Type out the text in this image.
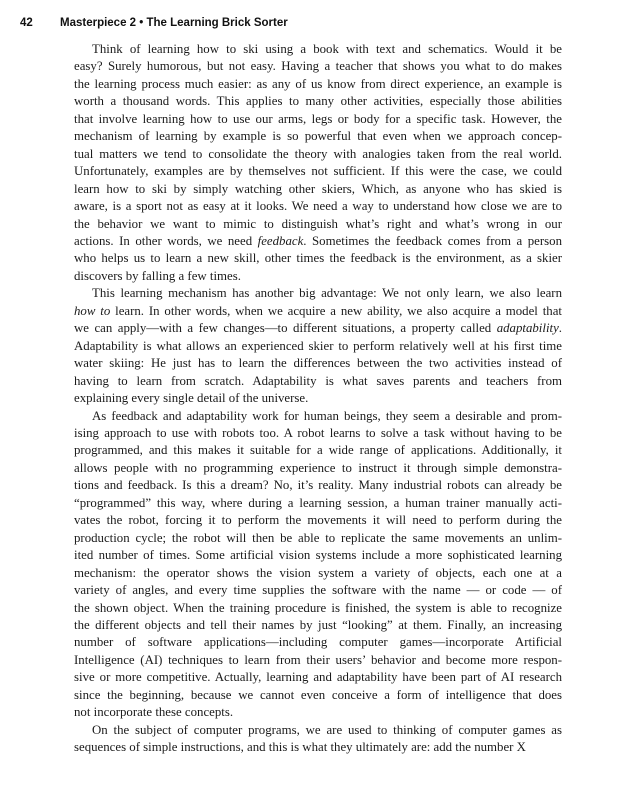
42 Masterpiece 2 • The Learning Brick Sorter
Think of learning how to ski using a book with text and schematics. Would it be
easy? Surely humorous, but not easy. Having a teacher that shows you what to do makes
the learning process much easier: as any of us know from direct experience, an example is
worth a thousand words. This applies to many other activities, especially those abilities
that involve learning how to use our arms, legs or body for a specific task. However, the
mechanism of learning by example is so powerful that even when we approach concep-
tual matters we tend to consolidate the theory with analogies taken from the real world.
Unfortunately, examples are by themselves not sufficient. If this were the case, we could
learn how to ski by simply watching other skiers, Which, as anyone who has skied is
aware, is a sport not as easy at it looks. We need a way to understand how close we are to
the behavior we want to mimic to distinguish what’s right and what’s wrong in our
actions. In other words, we need feedback. Sometimes the feedback comes from a person
who helps us to learn a new skill, other times the feedback is the environment, as a skier
discovers by falling a few times.
This learning mechanism has another big advantage: We not only learn, we also learn
how to learn. In other words, when we acquire a new ability, we also acquire a model that
we can apply—with a few changes—to different situations, a property called adaptability.
Adaptability is what allows an experienced skier to perform relatively well at his first time
water skiing: He just has to learn the differences between the two activities instead of
having to learn from scratch. Adaptability is what saves parents and teachers from
explaining every single detail of the universe.
As feedback and adaptability work for human beings, they seem a desirable and prom-
ising approach to use with robots too. A robot learns to solve a task without having to be
programmed, and this makes it suitable for a wide range of applications. Additionally, it
allows people with no programming experience to instruct it through simple demonstra-
tions and feedback. Is this a dream? No, it’s reality. Many industrial robots can already be
“programmed” this way, where during a learning session, a human trainer manually acti-
vates the robot, forcing it to perform the movements it will need to perform during the
production cycle; the robot will then be able to replicate the same movements an unlim-
ited number of times. Some artificial vision systems include a more sophisticated learning
mechanism: the operator shows the vision system a variety of objects, each one at a
variety of angles, and every time supplies the software with the name — or code — of
the shown object. When the training procedure is finished, the system is able to recognize
the different objects and tell their names by just “looking” at them. Finally, an increasing
number of software applications—including computer games—incorporate Artificial
Intelligence (AI) techniques to learn from their users’ behavior and become more respon-
sive or more competitive. Actually, learning and adaptability have been part of AI research
since the beginning, because we cannot even conceive a form of intelligence that does
not incorporate these concepts.
On the subject of computer programs, we are used to thinking of computer games as
sequences of simple instructions, and this is what they ultimately are: add the number X
